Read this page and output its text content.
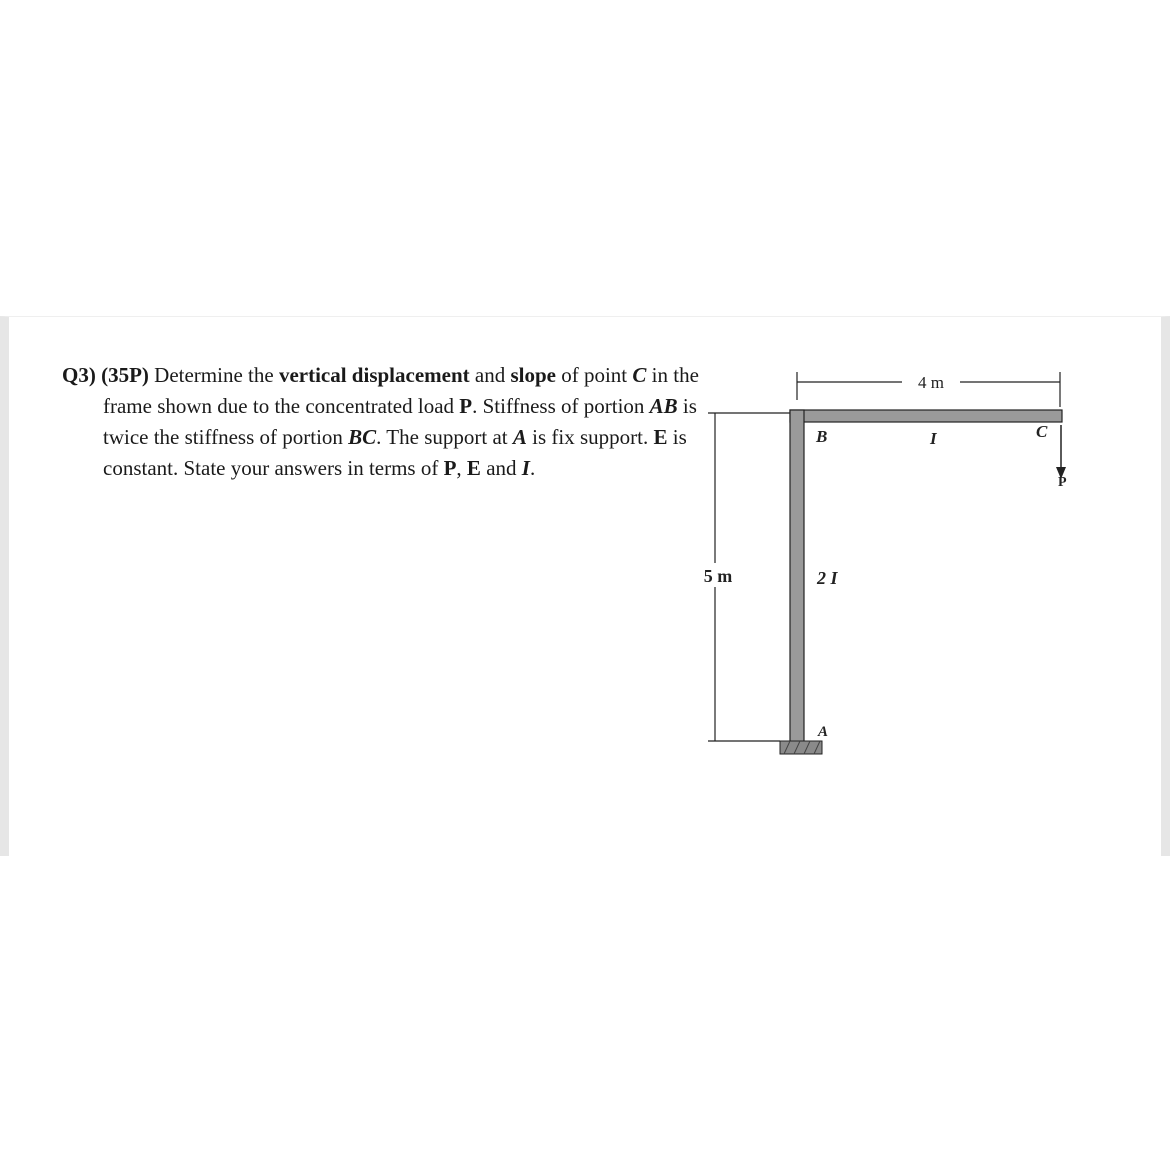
Q3) (35P) Determine the vertical displacement and slope of point C in the frame shown due to the concentrated load P. Stiffness of portion AB is twice the stiffness of portion BC. The support at A is fix support. E is constant. State your answers in terms of P, E and I.
4 m
5 m
B	I	C
P
2 I
A
